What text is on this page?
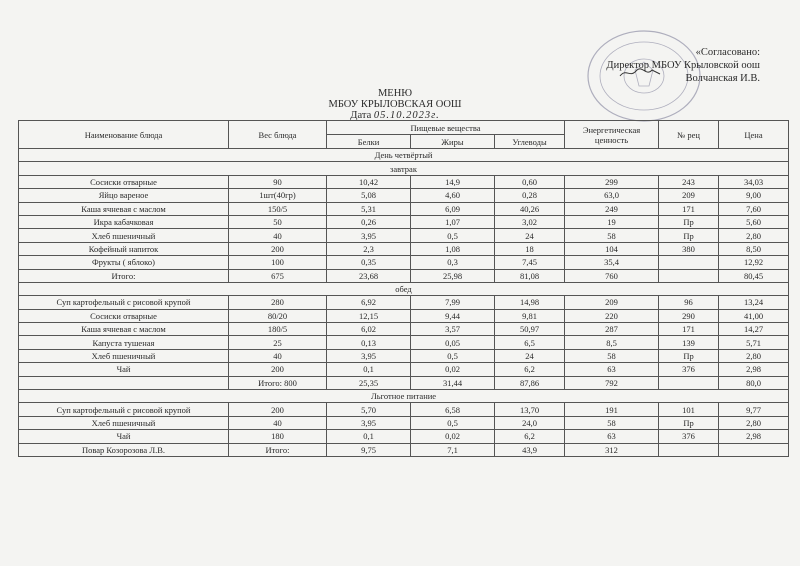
«Согласовано:
Директор МБОУ Крыловской оош
Волчанская И.В.
МЕНЮ
МБОУ КРЫЛОВСКАЯ ООШ
Дата 05.10.2023г.
Наименование блюда	Вес блюда	Пищевые вещества			Энергетическая ценность	№ рец	Цена
		Белки	Жиры	Углеводы			
День четвёртый							
завтрак							
Сосиски отварные	90	10,42	14,9	0,60	299	243	34,03
Яйцо вареное	1шт(40гр)	5,08	4,60	0,28	63,0	209	9,00
Каша ячневая с маслом	150/5	5,31	6,09	40,26	249	171	7,60
Икра кабачковая	50	0,26	1,07	3,02	19	Пр	5,60
Хлеб пшеничный	40	3,95	0,5	24	58	Пр	2,80
Кофейный напиток	200	2,3	1,08	18	104	380	8,50
Фрукты ( яблоко)	100	0,35	0,3	7,45	35,4		12,92
Итого:	675	23,68	25,98	81,08	760		80,45
обед							
Суп картофельный с рисовой крупой	280	6,92	7,99	14,98	209	96	13,24
Сосиски отварные	80/20	12,15	9,44	9,81	220	290	41,00
Каша ячневая с маслом	180/5	6,02	3,57	50,97	287	171	14,27
Капуста тушеная	25	0,13	0,05	6,5	8,5	139	5,71
Хлеб пшеничный	40	3,95	0,5	24	58	Пр	2,80
Чай	200	0,1	0,02	6,2	63	376	2,98
	Итого: 800	25,35	31,44	87,86	792		80,0
Льготное питание							
Суп картофельный с рисовой крупой	200	5,70	6,58	13,70	191	101	9,77
Хлеб пшеничный	40	3,95	0,5	24,0	58	Пр	2,80
Чай	180	0,1	0,02	6,2	63	376	2,98
Повар Козорозова Л.В.	Итого:	9,75	7,1	43,9	312		
